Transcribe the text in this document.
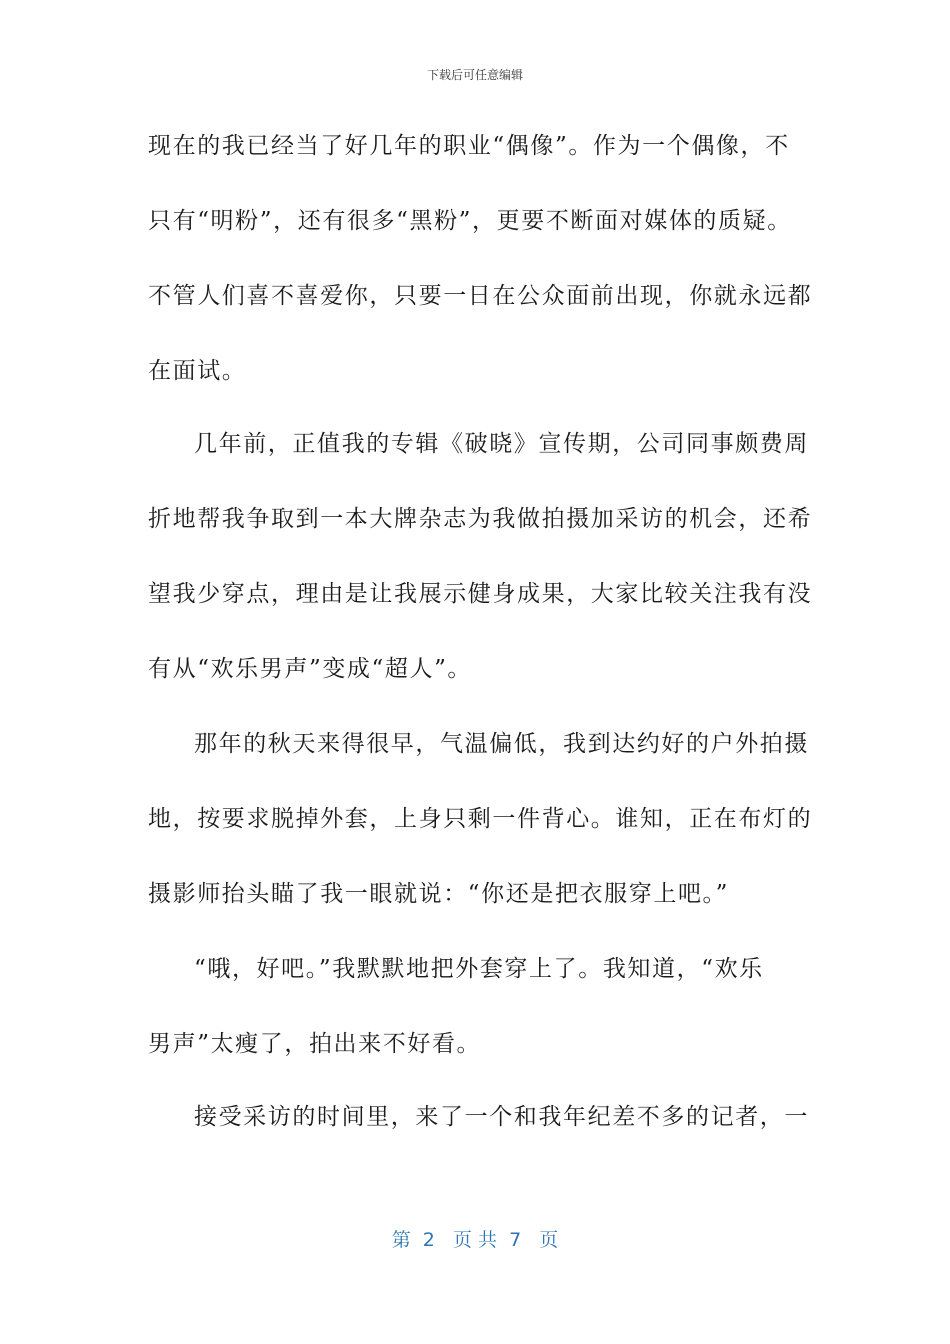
下载后可任意编辑
现在的我已经当了好几年的职业“偶像”。作为一个偶像，不
只有“明粉”，还有很多“黑粉”，更要不断面对媒体的质疑。
不管人们喜不喜爱你，只要一日在公众面前出现，你就永远都
在面试。
几年前，正值我的专辑《破晓》宣传期，公司同事颇费周
折地帮我争取到一本大牌杂志为我做拍摄加采访的机会，还希
望我少穿点，理由是让我展示健身成果，大家比较关注我有没
有从“欢乐男声”变成“超人”。
那年的秋天来得很早，气温偏低，我到达约好的户外拍摄
地，按要求脱掉外套，上身只剩一件背心。谁知，正在布灯的
摄影师抬头瞄了我一眼就说：“你还是把衣服穿上吧。”
“哦，好吧。”我默默地把外套穿上了。我知道，“欢乐
男声”太瘦了，拍出来不好看。
接受采访的时间里，来了一个和我年纪差不多的记者，一
第  2   页 共  7   页
